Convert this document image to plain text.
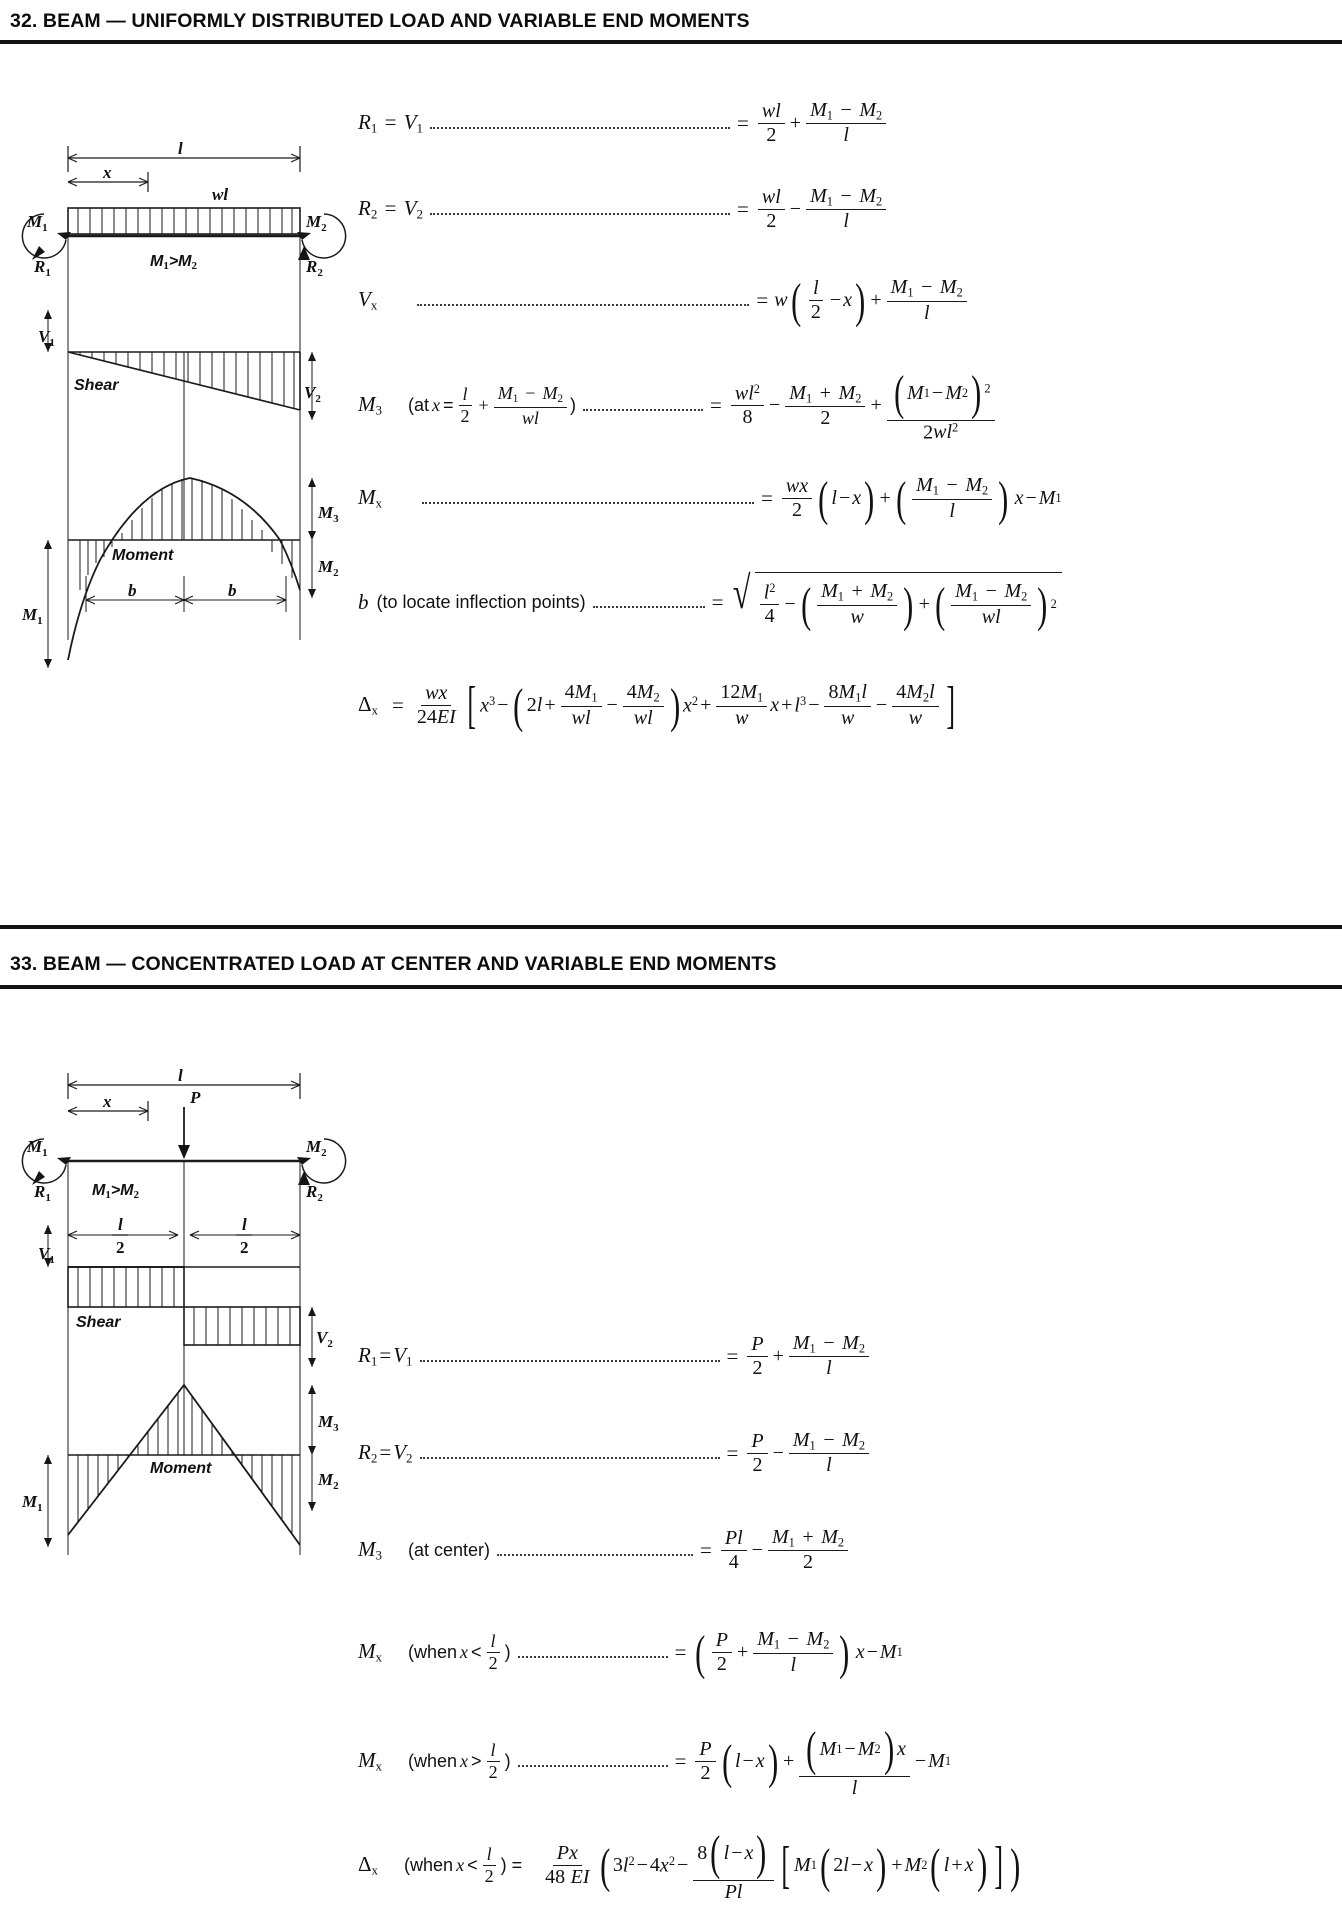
32. BEAM — UNIFORMLY DISTRIBUTED LOAD AND VARIABLE END MOMENTS
l
x
wl
$M_1$	$M_2$
$R_1$	$R_2$
M1>M2
Shear
$V_1$
$V_2$
Moment
$M_3$
$M_2$
$M_1$
b	b
$R_1 = V_1$	= $\frac{wl}{2} + \frac{M_1 - M_2}{l}$
$R_2 = V_2$	= $\frac{wl}{2} - \frac{M_1 - M_2}{l}$
$V_x$	= w ( $\frac{l}{2} - x$ ) + $\frac{M_1 - M_2}{l}$
$M_3$ (at $x = \frac{l}{2} + \frac{M_1 - M_2}{wl}$ )	= $\frac{wl^2}{8} - \frac{M_1 + M_2}{2} + \frac{( M 1 - M 2 ) ^2}{2wl^2}$
$M_x$	= $\frac{wx}{2}$ ( l − x ) + ( $\frac{M_1 - M_2}{l}$ ) x − M 1
b (to locate inflection points)	= √ $\frac{l^2}{4}$ − ( $\frac{M_1 + M_2}{w}$ ) + ( $\frac{M_1 - M_2}{wl}$ ) 2
$\Delta_x = \frac{wx}{24EI}$ [ $x^3$ − ( 2 $l + \frac{4M_1}{wl} - \frac{4M_2}{wl}$ ) $x^2 + \frac{12M_1}{w}$ $x + l^3 - \frac{8M_1l}{w} - \frac{4M_2l}{w}$ ]
33. BEAM — CONCENTRATED LOAD AT CENTER AND VARIABLE END MOMENTS
l
x	P
$M_1$	$M_2$
$R_1$	$R_2$
M1>M2
l
2
l
2
Shear
$V_1$
$V_2$
Moment
$M_3$
$M_2$
$M_1$
$R_1=V_1$	= $\frac{P}{2} + \frac{M_1 - M_2}{l}$
$R_2=V_2$	= $\frac{P}{2} - \frac{M_1 - M_2}{l}$
$M_3$ (at center)	= $\frac{Pl}{4} - \frac{M_1 + M_2}{2}$
$M_x$ (when $x < \frac{l}{2}$ )	= ( $\frac{P}{2} + \frac{M_1 - M_2}{l}$ ) x − M 1
$M_x$ (when $x > \frac{l}{2}$ )	= $\frac{P}{2}$ ( l − x ) + $\frac{( M 1 - M 2 ) x}{l} - M$ 1
$\Delta_x$ (when $x < \frac{l}{2}$ ) = $\frac{Px}{48 EI}$ ( 3 $l^2 - 4$ $x^2 - \frac{8 ( l - x )}{Pl}$ [ M 1 ( 2 l − x ) + M 2 ( l + x ) ] )
